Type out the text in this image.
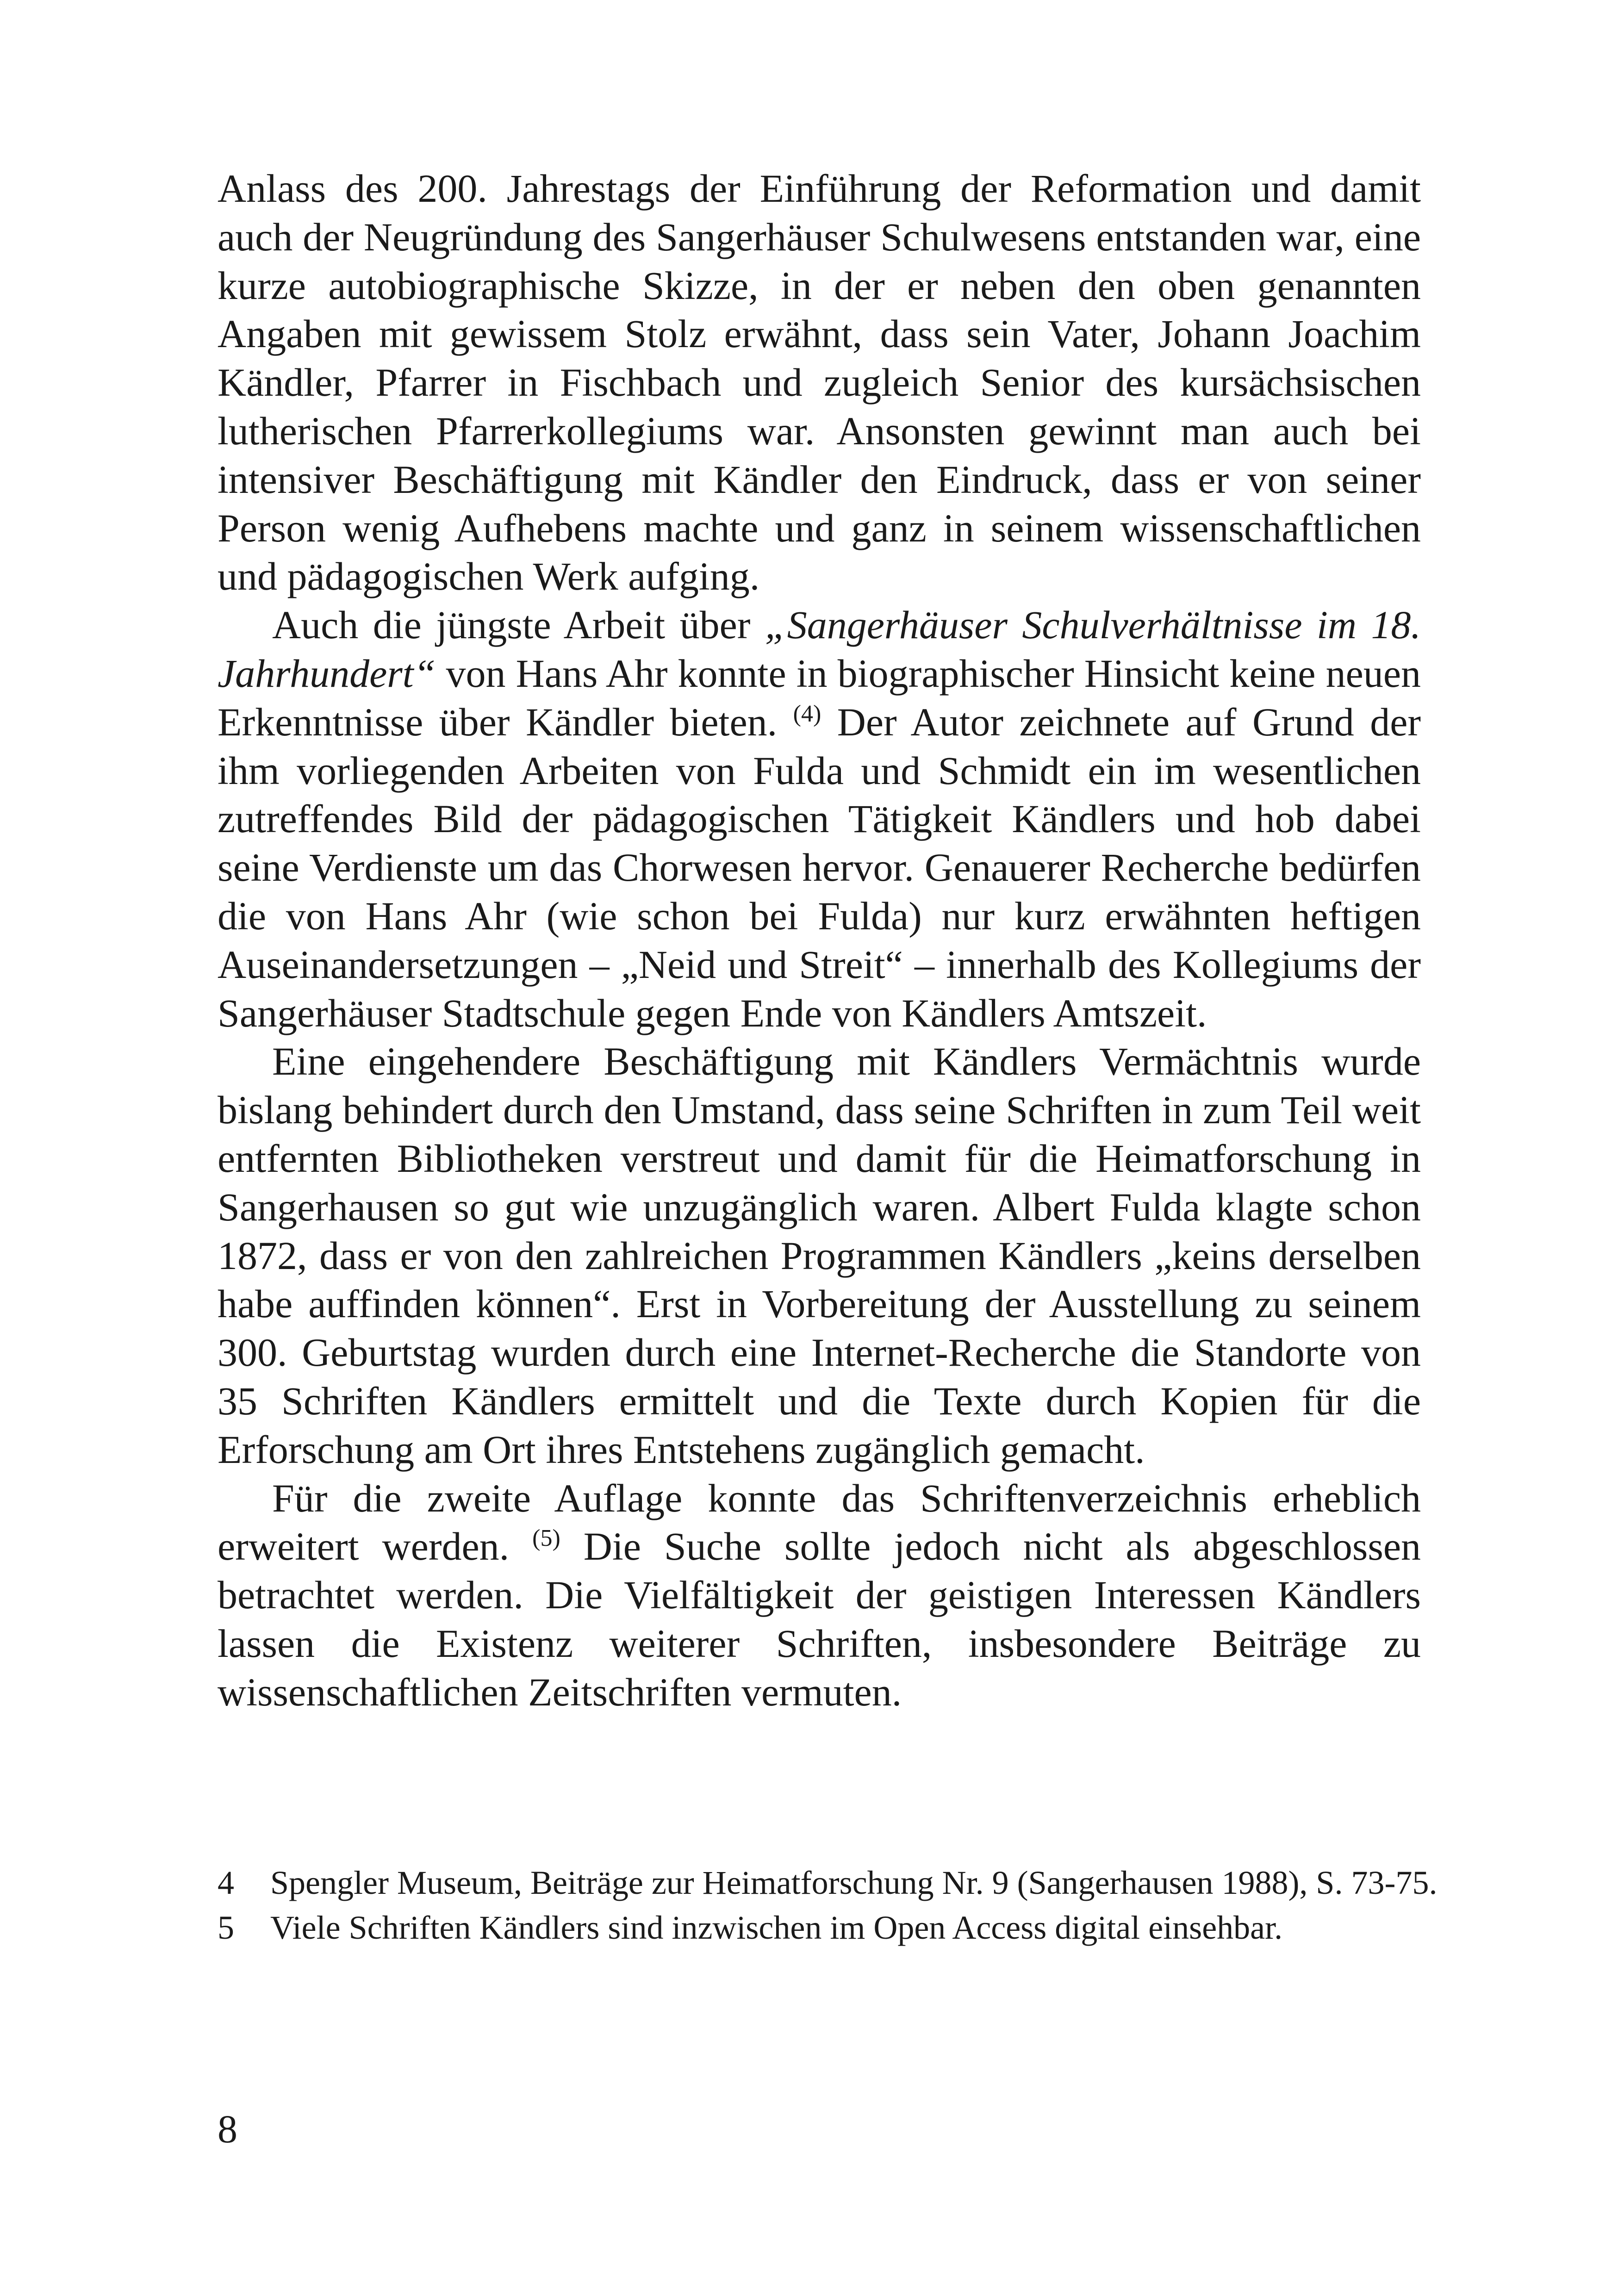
Anlass des 200. Jahrestags der Einführung der Reformation und damit auch der Neugründung des Sangerhäuser Schulwesens entstanden war, eine kurze autobiographische Skizze, in der er neben den oben genannten Angaben mit gewissem Stolz erwähnt, dass sein Vater, Johann Joachim Kändler, Pfarrer in Fischbach und zugleich Senior des kursächsischen lutherischen Pfarrerkollegiums war. Ansonsten gewinnt man auch bei intensiver Beschäftigung mit Kändler den Eindruck, dass er von seiner Person wenig Aufhebens machte und ganz in seinem wissenschaftlichen und pädagogischen Werk aufging.

Auch die jüngste Arbeit über „Sangerhäuser Schulverhältnisse im 18. Jahrhundert“ von Hans Ahr konnte in biographischer Hinsicht keine neuen Erkenntnisse über Kändler bieten. $^{(4)}$ Der Autor zeichnete auf Grund der ihm vorliegenden Arbeiten von Fulda und Schmidt ein im wesentlichen zutreffendes Bild der pädagogischen Tätigkeit Kändlers und hob dabei seine Verdienste um das Chorwesen hervor. Genauerer Recherche bedürfen die von Hans Ahr (wie schon bei Fulda) nur kurz erwähnten heftigen Auseinandersetzungen – „Neid und Streit“ – innerhalb des Kollegiums der Sangerhäuser Stadtschule gegen Ende von Kändlers Amtszeit.

Eine eingehendere Beschäftigung mit Kändlers Vermächtnis wurde bislang behindert durch den Umstand, dass seine Schriften in zum Teil weit entfernten Bibliotheken verstreut und damit für die Heimatforschung in Sangerhausen so gut wie unzugänglich waren. Albert Fulda klagte schon 1872, dass er von den zahlreichen Programmen Kändlers „keins derselben habe auffinden können“. Erst in Vorbereitung der Ausstellung zu seinem 300. Geburtstag wurden durch eine Internet-Recherche die Standorte von 35 Schriften Kändlers ermittelt und die Texte durch Kopien für die Erforschung am Ort ihres Entstehens zugänglich gemacht.

Für die zweite Auflage konnte das Schriftenverzeichnis erheblich erweitert werden. $^{(5)}$ Die Suche sollte jedoch nicht als abgeschlossen betrachtet werden. Die Vielfältigkeit der geistigen Interessen Kändlers lassen die Existenz weiterer Schriften, insbesondere Beiträge zu wissenschaftlichen Zeitschriften vermuten.

4	Spengler Museum, Beiträge zur Heimatforschung Nr. 9 (Sangerhausen 1988), S. 73-75.
5	Viele Schriften Kändlers sind inzwischen im Open Access digital einsehbar.
8
